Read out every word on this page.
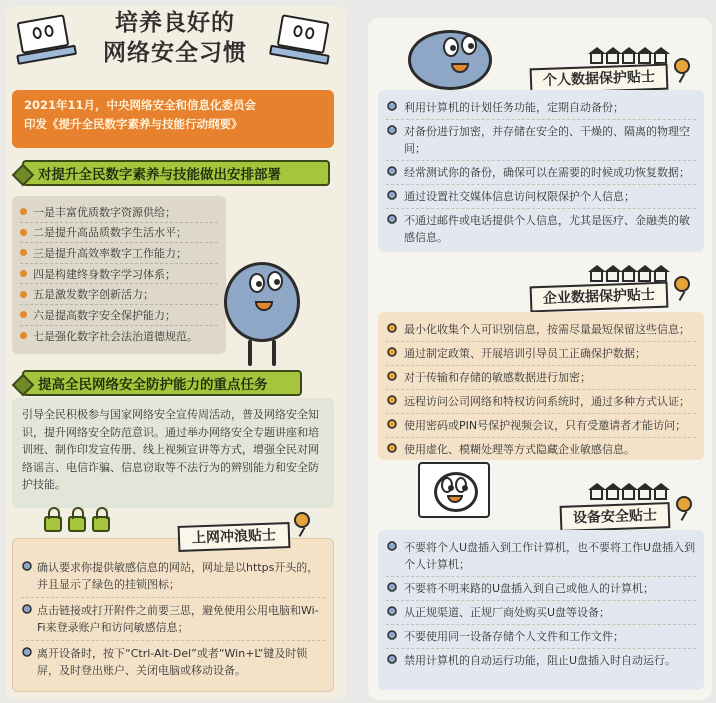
培养良好的
网络安全习惯
2021年11月，中央网络安全和信息化委员会
印发《提升全民数字素养与技能行动纲要》
对提升全民数字素养与技能做出安排部署
一是丰富优质数字资源供给；
二是提升高品质数字生活水平；
三是提升高效率数字工作能力；
四是构建终身数字学习体系；
五是激发数字创新活力；
六是提高数字安全保护能力；
七是强化数字社会法治道德规范。
提高全民网络安全防护能力的重点任务
引导全民积极参与国家网络安全宣传周活动，普及网络安全知识，提升网络安全防范意识。通过举办网络安全专题讲座和培训班、制作印发宣传册、线上视频宣讲等方式，增强全民对网络谣言、电信诈骗、信息窃取等不法行为的辨别能力和安全防护技能。
确认要求你提供敏感信息的网站，网址是以https开头的，并且显示了绿色的挂锁图标；
点击链接或打开附件之前要三思，避免使用公用电脑和Wi-Fi来登录账户和访问敏感信息；
离开设备时，按下“Ctrl-Alt-Del”或者“Win+L”键及时锁屏，及时登出账户、关闭电脑或移动设备。
上网冲浪贴士
个人数据保护贴士
利用计算机的计划任务功能，定期自动备份；
对备份进行加密，并存储在安全的、干燥的、隔离的物理空间；
经常测试你的备份，确保可以在需要的时候成功恢复数据；
通过设置社交媒体信息访问权限保护个人信息；
不通过邮件或电话提供个人信息，尤其是医疗、金融类的敏感信息。
企业数据保护贴士
最小化收集个人可识别信息，按需尽量最短保留这些信息；
通过制定政策、开展培训引导员工正确保护数据；
对于传输和存储的敏感数据进行加密；
远程访问公司网络和特权访问系统时，通过多种方式认证；
使用密码或PIN号保护视频会议，只有受邀请者才能访问；
使用虚化、模糊处理等方式隐藏企业敏感信息。
设备安全贴士
不要将个人U盘插入到工作计算机，也不要将工作U盘插入到个人计算机；
不要将不明来路的U盘插入到自己或他人的计算机；
从正规渠道、正规厂商处购买U盘等设备；
不要使用同一设备存储个人文件和工作文件；
禁用计算机的自动运行功能，阻止U盘插入时自动运行。
